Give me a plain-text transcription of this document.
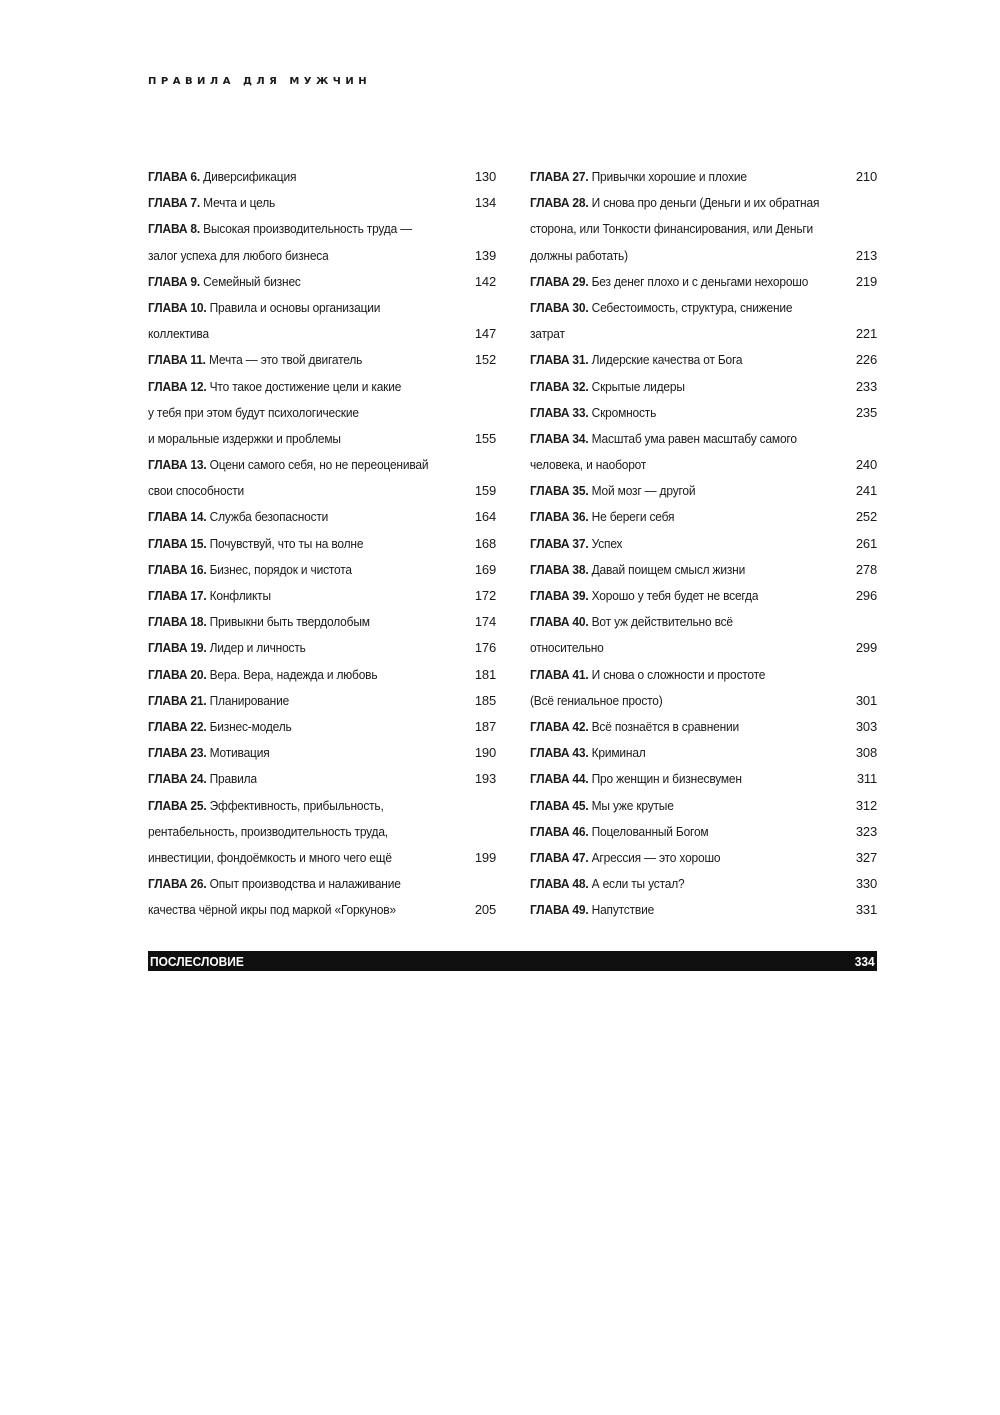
ПРАВИЛА ДЛЯ МУЖЧИН
ГЛАВА 6. Диверсификация	130
ГЛАВА 7. Мечта и цель	134
ГЛАВА 8. Высокая производительность труда —
залог успеха для любого бизнеса	139
ГЛАВА 9. Семейный бизнес	142
ГЛАВА 10. Правила и основы организации
коллектива	147
ГЛАВА 11. Мечта — это твой двигатель	152
ГЛАВА 12. Что такое достижение цели и какие
у тебя при этом будут психологические
и моральные издержки и проблемы	155
ГЛАВА 13. Оцени самого себя, но не переоценивай
свои способности	159
ГЛАВА 14. Служба безопасности	164
ГЛАВА 15. Почувствуй, что ты на волне	168
ГЛАВА 16. Бизнес, порядок и чистота	169
ГЛАВА 17. Конфликты	172
ГЛАВА 18. Привыкни быть твердолобым	174
ГЛАВА 19. Лидер и личность	176
ГЛАВА 20. Вера. Вера, надежда и любовь	181
ГЛАВА 21. Планирование	185
ГЛАВА 22. Бизнес-модель	187
ГЛАВА 23. Мотивация	190
ГЛАВА 24. Правила	193
ГЛАВА 25. Эффективность, прибыльность,
рентабельность, производительность труда,
инвестиции, фондоёмкость и много чего ещё	199
ГЛАВА 26. Опыт производства и налаживание
качества чёрной икры под маркой «Горкунов»	205
ГЛАВА 27. Привычки хорошие и плохие	210
ГЛАВА 28. И снова про деньги (Деньги и их обратная
сторона, или Тонкости финансирования, или Деньги
должны работать)	213
ГЛАВА 29. Без денег плохо и с деньгами нехорошо	219
ГЛАВА 30. Себестоимость, структура, снижение
затрат	221
ГЛАВА 31. Лидерские качества от Бога	226
ГЛАВА 32. Скрытые лидеры	233
ГЛАВА 33. Скромность	235
ГЛАВА 34. Масштаб ума равен масштабу самого
человека, и наоборот	240
ГЛАВА 35. Мой мозг — другой	241
ГЛАВА 36. Не береги себя	252
ГЛАВА 37. Успех	261
ГЛАВА 38. Давай поищем смысл жизни	278
ГЛАВА 39. Хорошо у тебя будет не всегда	296
ГЛАВА 40. Вот уж действительно всё
относительно	299
ГЛАВА 41. И снова о сложности и простоте
(Всё гениальное просто)	301
ГЛАВА 42. Всё познаётся в сравнении	303
ГЛАВА 43. Криминал	308
ГЛАВА 44. Про женщин и бизнесвумен	311
ГЛАВА 45. Мы уже крутые	312
ГЛАВА 46. Поцелованный Богом	323
ГЛАВА 47. Агрессия — это хорошо	327
ГЛАВА 48. А если ты устал?	330
ГЛАВА 49. Напутствие	331
ПОСЛЕСЛОВИЕ	334
